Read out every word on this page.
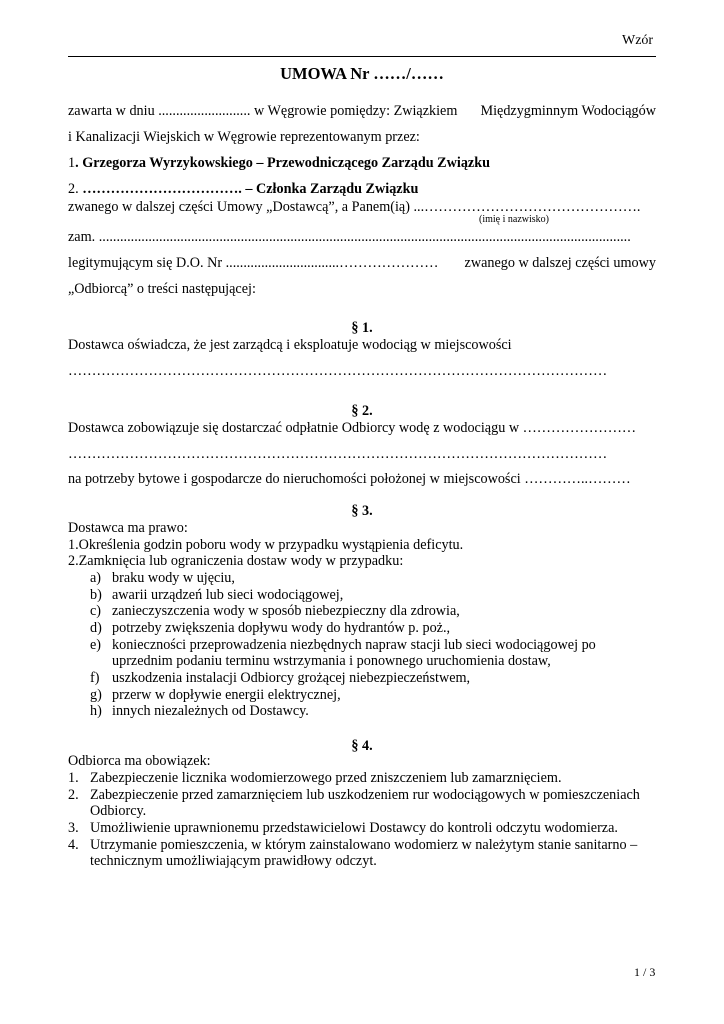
Wzór
UMOWA Nr ……/……
zawarta w dniu .......................... w Węgrowie pomiędzy: Związkiem Międzygminnym Wodociągów
i Kanalizacji Wiejskich w Węgrowie reprezentowanym przez:
1. Grzegorza Wyrzykowskiego – Przewodniczącego Zarządu Związku
2. ……………………………. – Członka Zarządu Związku
zwanego w dalszej części Umowy „Dostawcą”, a Panem(ią) ...……………………………………….
(imię i nazwisko)
zam. ......................................................................................................................................................
legitymującym się D.O. Nr ................................………………… zwanego w dalszej części umowy
„Odbiorcą” o treści następującej:
§ 1.
Dostawca oświadcza, że jest zarządcą i eksploatuje wodociąg w miejscowości
……………………………………………………………………………………………………
§ 2.
Dostawca zobowiązuje się dostarczać odpłatnie Odbiorcy wodę z wodociągu w ……………………
……………………………………………………………………………………………………
na potrzeby bytowe i gospodarcze do nieruchomości położonej w miejscowości …………..………
§ 3.
Dostawca ma prawo:
1.Określenia godzin poboru wody w przypadku wystąpienia deficytu.
2.Zamknięcia lub ograniczenia dostaw wody w przypadku:
a) braku wody w ujęciu,
b) awarii urządzeń lub sieci wodociągowej,
c) zanieczyszczenia wody w sposób niebezpieczny dla zdrowia,
d) potrzeby zwiększenia dopływu wody do hydrantów p. poż.,
e) konieczności przeprowadzenia niezbędnych napraw stacji lub sieci wodociągowej po
uprzednim podaniu terminu wstrzymania i ponownego uruchomienia dostaw,
f) uszkodzenia instalacji Odbiorcy grożącej niebezpieczeństwem,
g) przerw w dopływie energii elektrycznej,
h) innych niezależnych od Dostawcy.
§ 4.
Odbiorca ma obowiązek:
1. Zabezpieczenie licznika wodomierzowego przed zniszczeniem lub zamarznięciem.
2. Zabezpieczenie przed zamarznięciem lub uszkodzeniem rur wodociągowych w pomieszczeniach
Odbiorcy.
3. Umożliwienie uprawnionemu przedstawicielowi Dostawcy do kontroli odczytu wodomierza.
4. Utrzymanie pomieszczenia, w którym zainstalowano wodomierz w należytym stanie sanitarno –
technicznym umożliwiającym prawidłowy odczyt.
1 / 3
